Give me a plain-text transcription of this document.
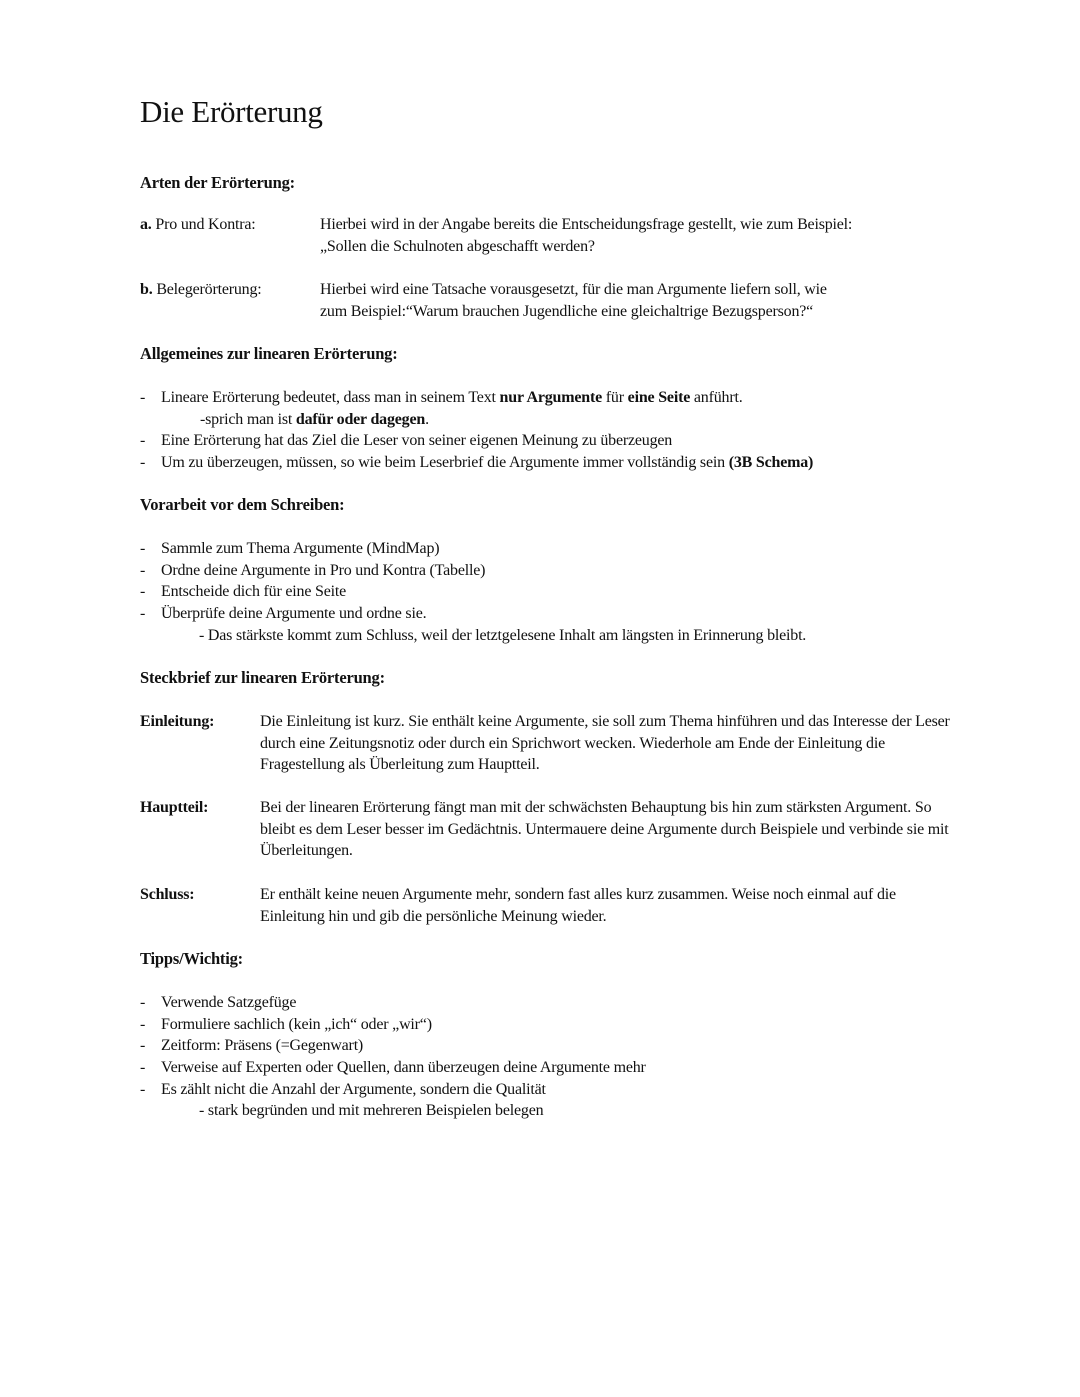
Die Erörterung
Arten der Erörterung:
a. Pro und Kontra:	Hierbei wird in der Angabe bereits die Entscheidungsfrage gestellt, wie zum Beispiel:
„Sollen die Schulnoten abgeschafft werden?
b. Belegerörterung:	Hierbei wird eine Tatsache vorausgesetzt, für die man Argumente liefern soll, wie
zum Beispiel:“Warum brauchen Jugendliche eine gleichaltrige Bezugsperson?“
Allgemeines zur linearen Erörterung:
- Lineare Erörterung bedeutet, dass man in seinem Text nur Argumente für eine Seite anführt.
-sprich man ist dafür oder dagegen.
- Eine Erörterung hat das Ziel die Leser von seiner eigenen Meinung zu überzeugen
- Um zu überzeugen, müssen, so wie beim Leserbrief die Argumente immer vollständig sein (3B Schema)
Vorarbeit vor dem Schreiben:
- Sammle zum Thema Argumente (MindMap)
- Ordne deine Argumente in Pro und Kontra (Tabelle)
- Entscheide dich für eine Seite
- Überprüfe deine Argumente und ordne sie.
- Das stärkste kommt zum Schluss, weil der letztgelesene Inhalt am längsten in Erinnerung bleibt.
Steckbrief zur linearen Erörterung:
Einleitung:	Die Einleitung ist kurz. Sie enthält keine Argumente, sie soll zum Thema hinführen und das Interesse der Leser durch eine Zeitungsnotiz oder durch ein Sprichwort wecken. Wiederhole am Ende der Einleitung die Fragestellung als Überleitung zum Hauptteil.
Hauptteil:	Bei der linearen Erörterung fängt man mit der schwächsten Behauptung bis hin zum stärksten Argument. So bleibt es dem Leser besser im Gedächtnis. Untermauere deine Argumente durch Beispiele und verbinde sie mit Überleitungen.
Schluss:	Er enthält keine neuen Argumente mehr, sondern fast alles kurz zusammen. Weise noch einmal auf die Einleitung hin und gib die persönliche Meinung wieder.
Tipps/Wichtig:
- Verwende Satzgefüge
- Formuliere sachlich (kein „ich“ oder „wir“)
- Zeitform: Präsens (=Gegenwart)
- Verweise auf Experten oder Quellen, dann überzeugen deine Argumente mehr
- Es zählt nicht die Anzahl der Argumente, sondern die Qualität
- stark begründen und mit mehreren Beispielen belegen
